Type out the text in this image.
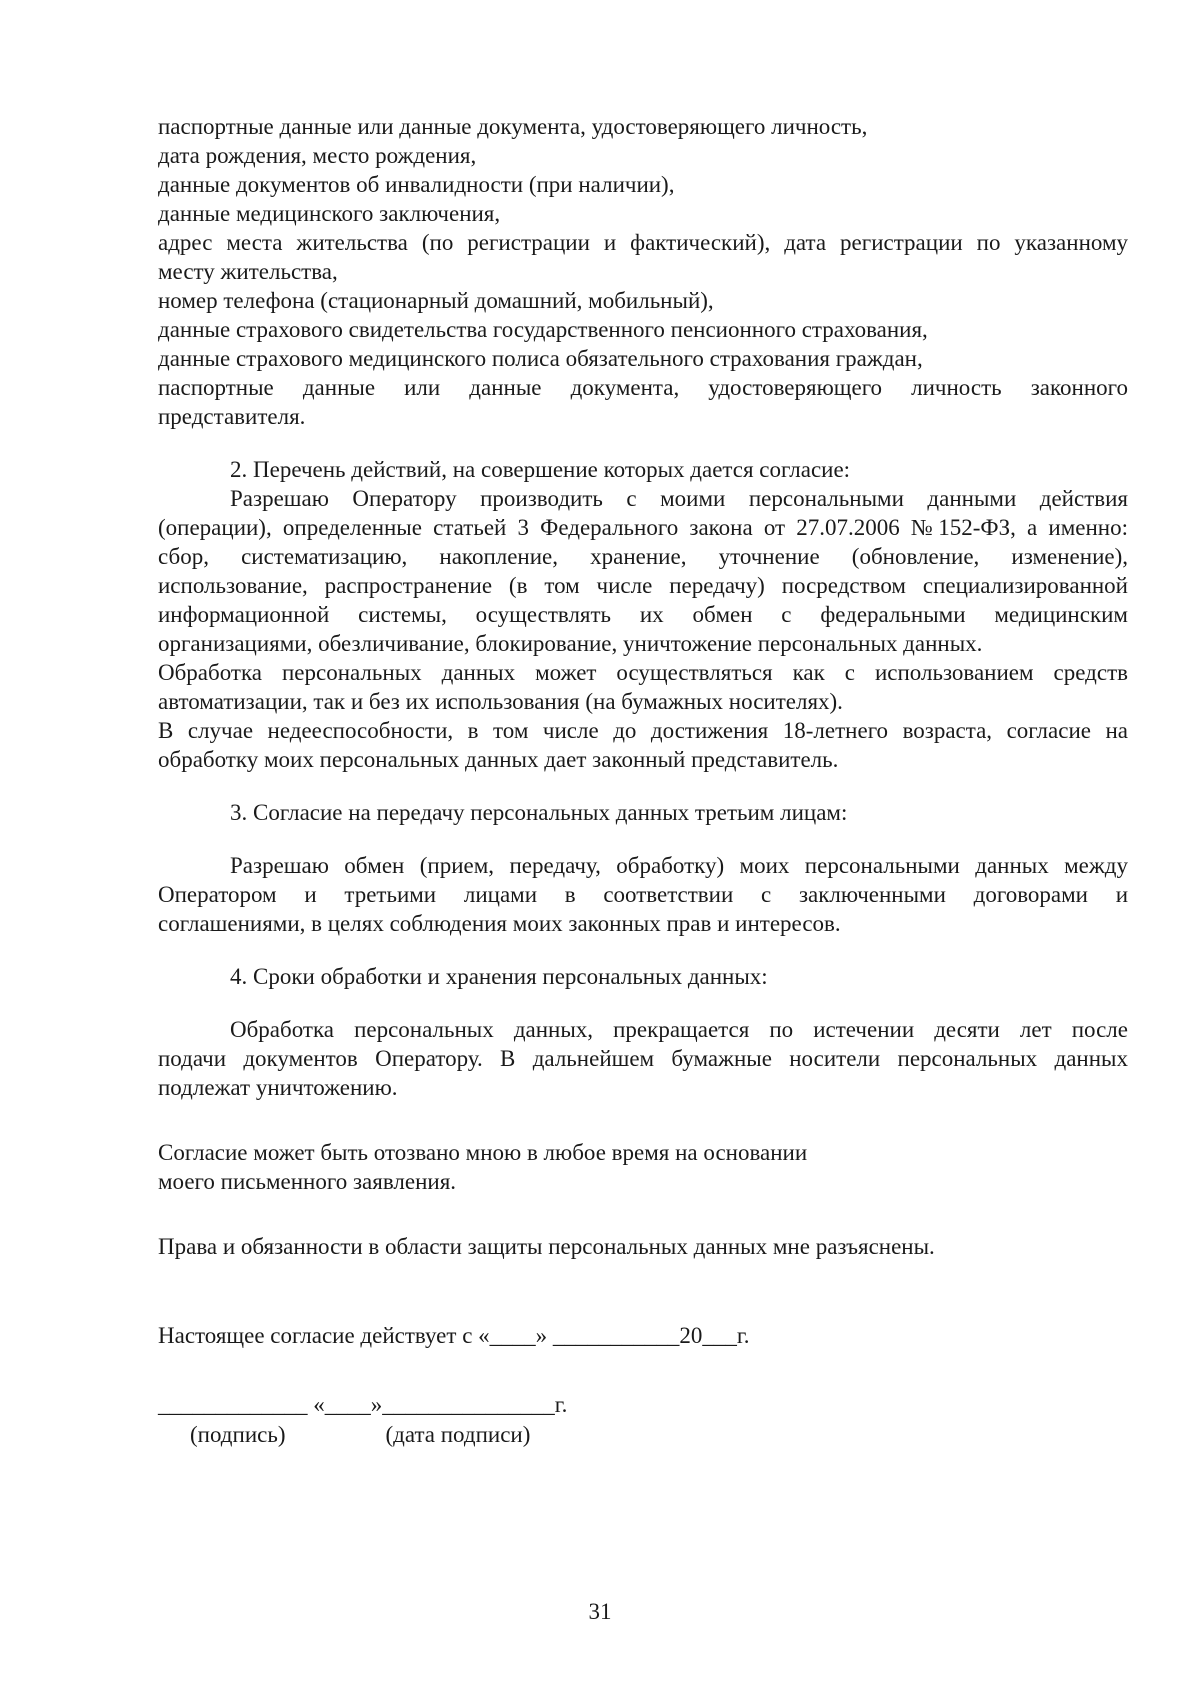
паспортные данные или данные документа, удостоверяющего личность,
дата рождения, место рождения,
данные документов об инвалидности (при наличии),
данные медицинского заключения,
адрес места жительства (по регистрации и фактический), дата регистрации по указанному
месту жительства,
номер телефона (стационарный домашний, мобильный),
данные страхового свидетельства государственного пенсионного страхования,
данные страхового медицинского полиса обязательного страхования граждан,
паспортные данные или данные документа, удостоверяющего личность законного
представителя.
2. Перечень действий, на совершение которых дается согласие:
Разрешаю Оператору производить с моими персональными данными действия
(операции), определенные статьей 3 Федерального закона от 27.07.2006 №152-ФЗ, а именно:
сбор, систематизацию, накопление, хранение, уточнение (обновление, изменение),
использование, распространение (в том числе передачу) посредством специализированной
информационной системы, осуществлять их обмен с федеральными медицинским
организациями, обезличивание, блокирование, уничтожение персональных данных.
Обработка персональных данных может осуществляться как с использованием средств
автоматизации, так и без их использования (на бумажных носителях).
В случае недееспособности, в том числе до достижения 18-летнего возраста, согласие на
обработку моих персональных данных дает законный представитель.
3. Согласие на передачу персональных данных третьим лицам:
Разрешаю обмен (прием, передачу, обработку) моих персональными данных между
Оператором и третьими лицами в соответствии с заключенными договорами и
соглашениями, в целях соблюдения моих законных прав и интересов.
4. Сроки обработки и хранения персональных данных:
Обработка персональных данных, прекращается по истечении десяти лет после
подачи документов Оператору. В дальнейшем бумажные носители персональных данных
подлежат уничтожению.
Согласие может быть отозвано мною в любое время на основании
моего письменного заявления.
Права и обязанности в области защиты персональных данных мне разъяснены.
Настоящее согласие действует с «____» ___________20___г.
_____________ «____»_______________г.
(подпись)	(дата подписи)
31
